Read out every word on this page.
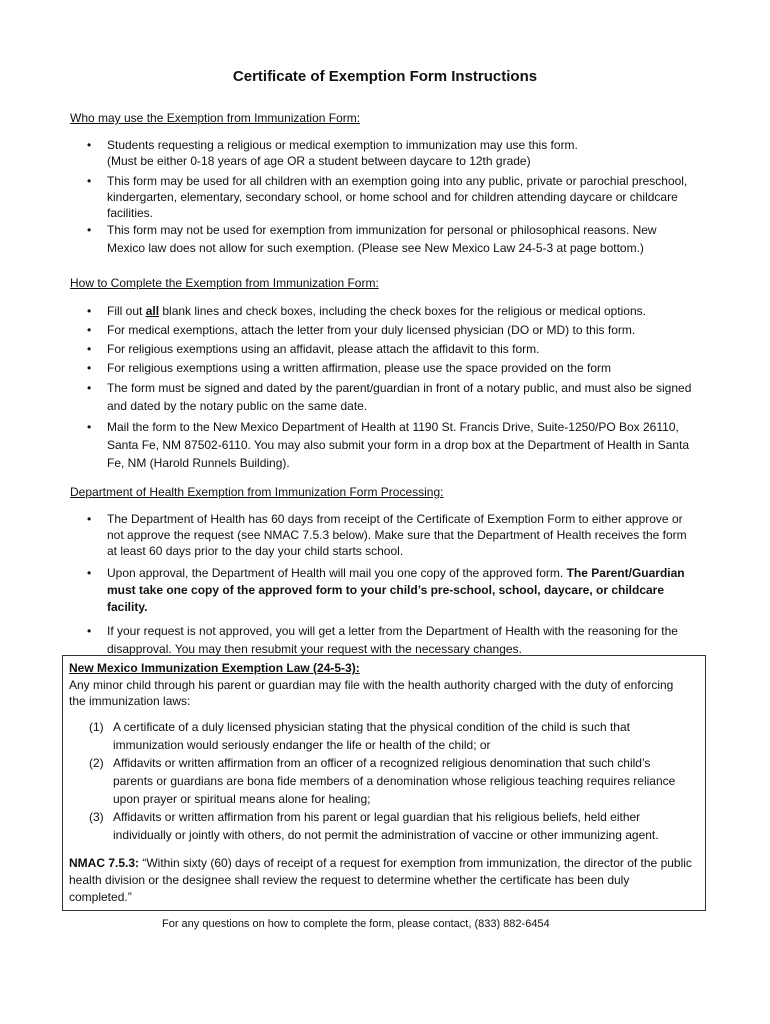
Certificate of Exemption Form Instructions
Who may use the Exemption from Immunization Form:
• Students requesting a religious or medical exemption to immunization may use this form.
(Must be either 0-18 years of age OR a student between daycare to 12th grade)
• This form may be used for all children with an exemption going into any public, private or parochial preschool, kindergarten, elementary, secondary school, or home school and for children attending daycare or childcare facilities.
• This form may not be used for exemption from immunization for personal or philosophical reasons. New Mexico law does not allow for such exemption. (Please see New Mexico Law 24-5-3 at page bottom.)
How to Complete the Exemption from Immunization Form:
• Fill out all blank lines and check boxes, including the check boxes for the religious or medical options.
• For medical exemptions, attach the letter from your duly licensed physician (DO or MD) to this form.
• For religious exemptions using an affidavit, please attach the affidavit to this form.
• For religious exemptions using a written affirmation, please use the space provided on the form
• The form must be signed and dated by the parent/guardian in front of a notary public, and must also be signed and dated by the notary public on the same date.
• Mail the form to the New Mexico Department of Health at 1190 St. Francis Drive, Suite-1250/PO Box 26110, Santa Fe, NM 87502-6110. You may also submit your form in a drop box at the Department of Health in Santa Fe, NM (Harold Runnels Building).
Department of Health Exemption from Immunization Form Processing:
• The Department of Health has 60 days from receipt of the Certificate of Exemption Form to either approve or not approve the request (see NMAC 7.5.3 below). Make sure that the Department of Health receives the form at least 60 days prior to the day your child starts school.
• Upon approval, the Department of Health will mail you one copy of the approved form. The Parent/Guardian must take one copy of the approved form to your child’s pre-school, school, daycare, or childcare facility.
• If your request is not approved, you will get a letter from the Department of Health with the reasoning for the disapproval. You may then resubmit your request with the necessary changes.
New Mexico Immunization Exemption Law (24-5-3):
Any minor child through his parent or guardian may file with the health authority charged with the duty of enforcing the immunization laws:
(1) A certificate of a duly licensed physician stating that the physical condition of the child is such that immunization would seriously endanger the life or health of the child; or
(2) Affidavits or written affirmation from an officer of a recognized religious denomination that such child’s parents or guardians are bona fide members of a denomination whose religious teaching requires reliance upon prayer or spiritual means alone for healing;
(3) Affidavits or written affirmation from his parent or legal guardian that his religious beliefs, held either individually or jointly with others, do not permit the administration of vaccine or other immunizing agent.
NMAC 7.5.3: “Within sixty (60) days of receipt of a request for exemption from immunization, the director of the public health division or the designee shall review the request to determine whether the certificate has been duly completed.”
For any questions on how to complete the form, please contact, (833) 882-6454
